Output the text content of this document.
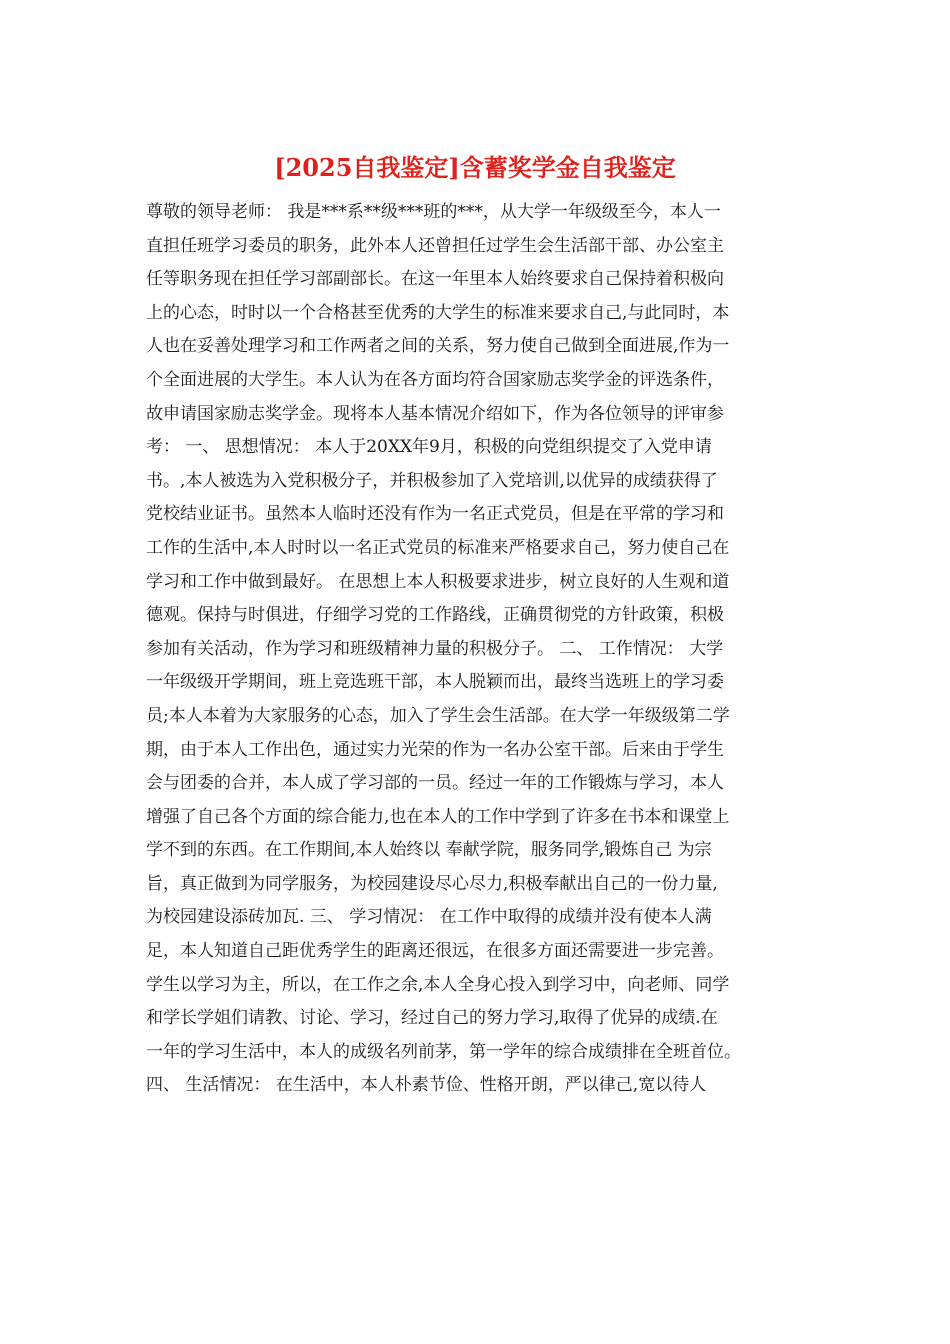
[2025自我鉴定]含蓄奖学金自我鉴定
尊敬的领导老师： 我是***系**级***班的***，从大学一年级级至今，本人一
直担任班学习委员的职务，此外本人还曾担任过学生会生活部干部、办公室主
任等职务现在担任学习部副部长。在这一年里本人始终要求自己保持着积极向
上的心态，时时以一个合格甚至优秀的大学生的标准来要求自己,与此同时，本
人也在妥善处理学习和工作两者之间的关系，努力使自己做到全面进展,作为一
个全面进展的大学生。本人认为在各方面均符合国家励志奖学金的评选条件，
故申请国家励志奖学金。现将本人基本情况介绍如下，作为各位领导的评审参
考： 一、 思想情况： 本人于20XX年9月，积极的向党组织提交了入党申请
书。,本人被选为入党积极分子，并积极参加了入党培训,以优异的成绩获得了
党校结业证书。虽然本人临时还没有作为一名正式党员，但是在平常的学习和
工作的生活中,本人时时以一名正式党员的标准来严格要求自己，努力使自己在
学习和工作中做到最好。 在思想上本人积极要求进步，树立良好的人生观和道
德观。保持与时俱进，仔细学习党的工作路线，正确贯彻党的方针政策，积极
参加有关活动，作为学习和班级精神力量的积极分子。 二、 工作情况： 大学
一年级级开学期间，班上竞选班干部，本人脱颖而出，最终当选班上的学习委
员;本人本着为大家服务的心态，加入了学生会生活部。在大学一年级级第二学
期，由于本人工作出色，通过实力光荣的作为一名办公室干部。后来由于学生
会与团委的合并，本人成了学习部的一员。经过一年的工作锻炼与学习，本人
增强了自己各个方面的综合能力,也在本人的工作中学到了许多在书本和课堂上
学不到的东西。在工作期间,本人始终以 奉献学院，服务同学,锻炼自己 为宗
旨，真正做到为同学服务，为校园建设尽心尽力,积极奉献出自己的一份力量,
为校园建设添砖加瓦. 三、 学习情况： 在工作中取得的成绩并没有使本人满
足，本人知道自己距优秀学生的距离还很远，在很多方面还需要进一步完善。
学生以学习为主，所以，在工作之余,本人全身心投入到学习中，向老师、同学
和学长学姐们请教、讨论、学习，经过自己的努力学习,取得了优异的成绩.在
一年的学习生活中，本人的成级名列前茅，第一学年的综合成绩排在全班首位。
四、 生活情况： 在生活中，本人朴素节俭、性格开朗，严以律己,宽以待人
